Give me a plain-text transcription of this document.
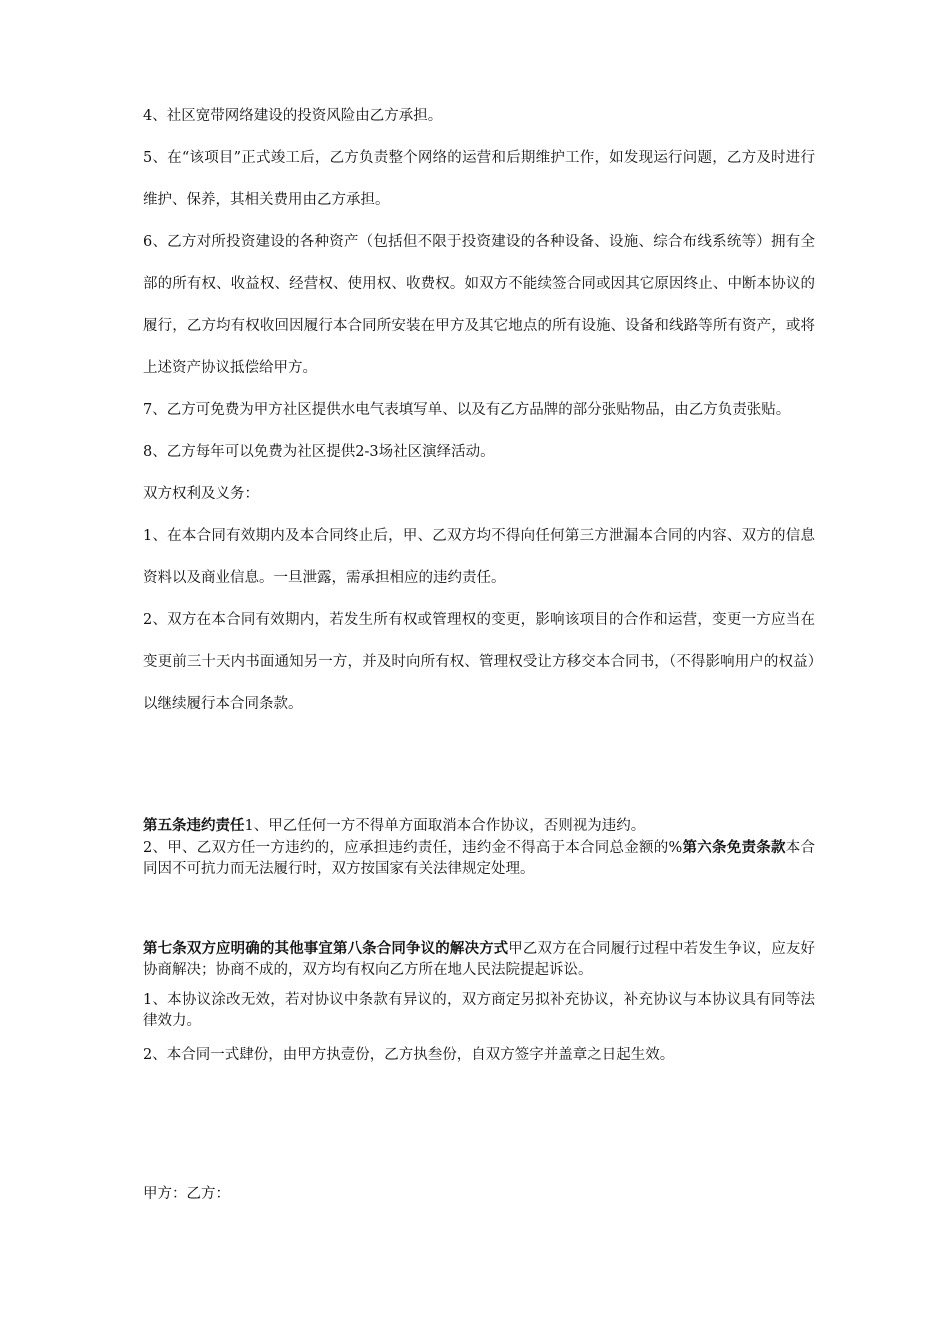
4、社区宽带网络建设的投资风险由乙方承担。

5、在“该项目”正式竣工后，乙方负责整个网络的运营和后期维护工作，如发现运行问题，乙方及时进行维护、保养，其相关费用由乙方承担。

6、乙方对所投资建设的各种资产（包括但不限于投资建设的各种设备、设施、综合布线系统等）拥有全部的所有权、收益权、经营权、使用权、收费权。如双方不能续签合同或因其它原因终止、中断本协议的履行，乙方均有权收回因履行本合同所安装在甲方及其它地点的所有设施、设备和线路等所有资产，或将上述资产协议抵偿给甲方。

7、乙方可免费为甲方社区提供水电气表填写单、以及有乙方品牌的部分张贴物品，由乙方负责张贴。

8、乙方每年可以免费为社区提供2-3场社区演绎活动。

双方权利及义务：

1、在本合同有效期内及本合同终止后，甲、乙双方均不得向任何第三方泄漏本合同的内容、双方的信息资料以及商业信息。一旦泄露，需承担相应的违约责任。

2、双方在本合同有效期内，若发生所有权或管理权的变更，影响该项目的合作和运营，变更一方应当在变更前三十天内书面通知另一方，并及时向所有权、管理权受让方移交本合同书，（不得影响用户的权益）以继续履行本合同条款。

第五条违约责任1、甲乙任何一方不得单方面取消本合作协议，否则视为违约。

2、甲、乙双方任一方违约的，应承担违约责任，违约金不得高于本合同总金额的%第六条免责条款本合同因不可抗力而无法履行时，双方按国家有关法律规定处理。

第七条双方应明确的其他事宜第八条合同争议的解决方式甲乙双方在合同履行过程中若发生争议，应友好协商解决；协商不成的，双方均有权向乙方所在地人民法院提起诉讼。

1、本协议涂改无效，若对协议中条款有异议的，双方商定另拟补充协议，补充协议与本协议具有同等法律效力。

2、本合同一式肆份，由甲方执壹份，乙方执叁份，自双方签字并盖章之日起生效。

甲方：乙方：
